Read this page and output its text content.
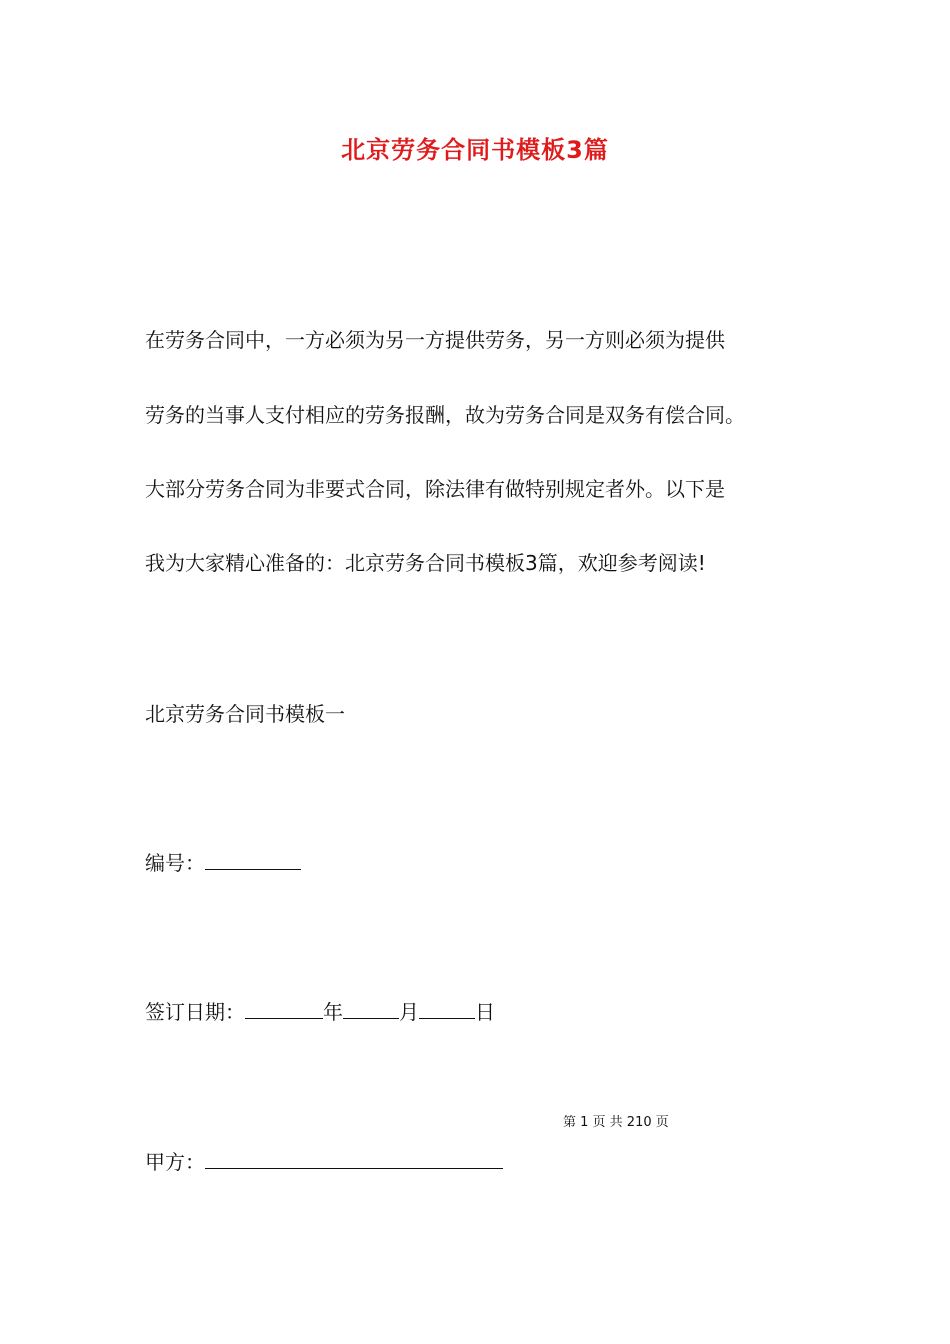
北京劳务合同书模板3篇
在劳务合同中，一方必须为另一方提供劳务，另一方则必须为提供
劳务的当事人支付相应的劳务报酬，故为劳务合同是双务有偿合同。
大部分劳务合同为非要式合同，除法律有做特别规定者外。以下是
我为大家精心准备的：北京劳务合同书模板3篇，欢迎参考阅读!
北京劳务合同书模板一
编号：
签订日期：	年	月	日
第 1 页 共 210 页
甲方：
